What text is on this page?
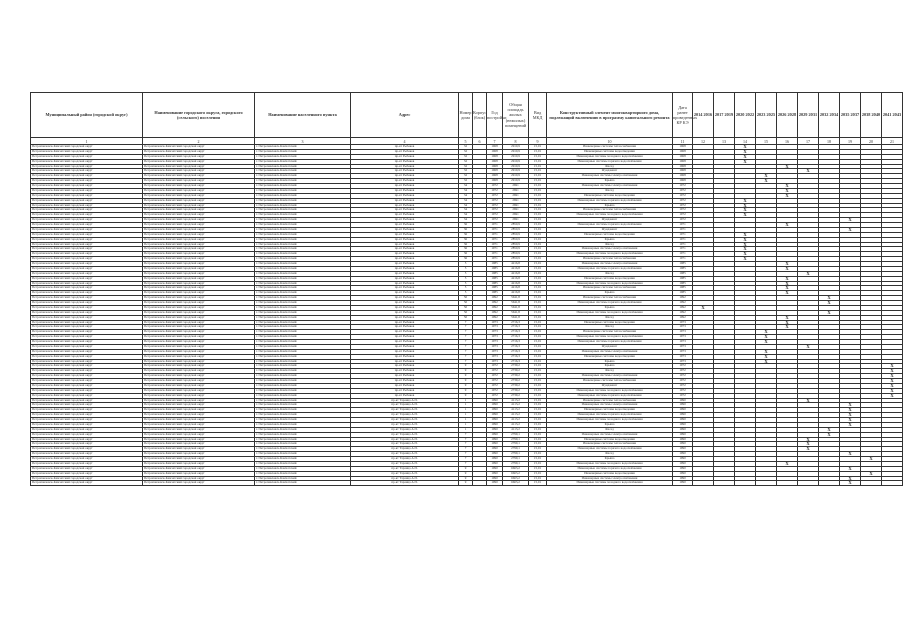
Муниципальный район (городской округ)	Наименование городского округа, городского (сельского) поселения	Наименование населенного пункта	Адрес	Номер дома	Корпус (блок)	Год постройки	Общая площадь жилых (нежилых) помещений	Вид МКД	Конструктивный элемент многоквартирного дома, подлежащий включению в программу капитального ремонта	Дата ранее проведенных КР КЭ	2014 2016	2017 2019	2020 2022	2023 2025	2026 2028	2029 2031	2032 2034	2035 2037	2038 2040	2041 2043
1	2	3	4	5	6	7	8	9	10	11	12	13	14	15	16	17	18	19	20	21
Петропавловск-Камчатский городской округ	Петропавловск-Камчатский городской округ	г. Петропавловск-Камчатский	пр-кт Рыбаков	32		1968	2910,9	15,01	Инженерные системы теплоснабжения	1968			X							
Петропавловск-Камчатский городской округ	Петропавловск-Камчатский городской округ	г. Петропавловск-Камчатский	пр-кт Рыбаков	32		1968	2910,9	15,01	Инженерные системы водоотведения	1968			X							
Петропавловск-Камчатский городской округ	Петропавловск-Камчатский городской округ	г. Петропавловск-Камчатский	пр-кт Рыбаков	32		1968	2910,9	15,01	Инженерные системы холодного водоснабжения	1968			X							
Петропавловск-Камчатский городской округ	Петропавловск-Камчатский городской округ	г. Петропавловск-Камчатский	пр-кт Рыбаков	32		1968	2910,9	15,01	Инженерные системы горячего водоснабжения	1968			X							
Петропавловск-Камчатский городской округ	Петропавловск-Камчатский городской округ	г. Петропавловск-Камчатский	пр-кт Рыбаков	32		1968	2910,9	15,01	Фасад	1968					X					
Петропавловск-Камчатский городской округ	Петропавловск-Камчатский городской округ	г. Петропавловск-Камчатский	пр-кт Рыбаков	32		1968	2910,9	15,01	Фундамент	1968						X				
Петропавловск-Камчатский городской округ	Петропавловск-Камчатский городской округ	г. Петропавловск-Камчатский	пр-кт Рыбаков	32		1968	2910,9	15,01	Инженерные системы электроснабжения	1968				X						
Петропавловск-Камчатский городской округ	Петропавловск-Камчатский городской округ	г. Петропавловск-Камчатский	пр-кт Рыбаков	32		1968	2910,9	15,01	Крыша	1968				X						
Петропавловск-Камчатский городской округ	Петропавловск-Камчатский городской округ	г. Петропавловск-Камчатский	пр-кт Рыбаков	34		1972	2691	15,01	Инженерные системы электроснабжения	1972					X					
Петропавловск-Камчатский городской округ	Петропавловск-Камчатский городской округ	г. Петропавловск-Камчатский	пр-кт Рыбаков	34		1972	2691	15,01	Фасад	1972					X					
Петропавловск-Камчатский городской округ	Петропавловск-Камчатский городской округ	г. Петропавловск-Камчатский	пр-кт Рыбаков	34		1972	2691	15,01	Инженерные системы водоотведения	1972					X					
Петропавловск-Камчатский городской округ	Петропавловск-Камчатский городской округ	г. Петропавловск-Камчатский	пр-кт Рыбаков	34		1972	2691	15,01	Инженерные системы горячего водоснабжения	1972			X							
Петропавловск-Камчатский городской округ	Петропавловск-Камчатский городской округ	г. Петропавловск-Камчатский	пр-кт Рыбаков	34		1972	2691	15,01	Крыша	1972			X							
Петропавловск-Камчатский городской округ	Петропавловск-Камчатский городской округ	г. Петропавловск-Камчатский	пр-кт Рыбаков	34		1972	2691	15,01	Инженерные системы теплоснабжения	1972			X							
Петропавловск-Камчатский городской округ	Петропавловск-Камчатский городской округ	г. Петропавловск-Камчатский	пр-кт Рыбаков	34		1972	2691	15,01	Инженерные системы холодного водоснабжения	1972			X							
Петропавловск-Камчатский городской округ	Петропавловск-Камчатский городской округ	г. Петропавловск-Камчатский	пр-кт Рыбаков	34		1972	2691	15,01	Фундамент	1972								X		
Петропавловск-Камчатский городской округ	Петропавловск-Камчатский городской округ	г. Петропавловск-Камчатский	пр-кт Рыбаков	36		1971	2850,9	15,01	Инженерные системы горячего водоснабжения	1971					X					
Петропавловск-Камчатский городской округ	Петропавловск-Камчатский городской округ	г. Петропавловск-Камчатский	пр-кт Рыбаков	36		1971	2850,9	15,01	Фундамент	1971								X		
Петропавловск-Камчатский городской округ	Петропавловск-Камчатский городской округ	г. Петропавловск-Камчатский	пр-кт Рыбаков	36		1971	2850,9	15,01	Инженерные системы водоотведения	1971			X							
Петропавловск-Камчатский городской округ	Петропавловск-Камчатский городской округ	г. Петропавловск-Камчатский	пр-кт Рыбаков	36		1971	2850,9	15,01	Крыша	1971			X							
Петропавловск-Камчатский городской округ	Петропавловск-Камчатский городской округ	г. Петропавловск-Камчатский	пр-кт Рыбаков	36		1971	2850,9	15,01	Фасад	1971			X							
Петропавловск-Камчатский городской округ	Петропавловск-Камчатский городской округ	г. Петропавловск-Камчатский	пр-кт Рыбаков	36		1971	2850,9	15,01	Инженерные системы электроснабжения	1971			X							
Петропавловск-Камчатский городской округ	Петропавловск-Камчатский городской округ	г. Петропавловск-Камчатский	пр-кт Рыбаков	36		1971	2850,9	15,01	Инженерные системы холодного водоснабжения	1971			X							
Петропавловск-Камчатский городской округ	Петропавловск-Камчатский городской округ	г. Петропавловск-Камчатский	пр-кт Рыбаков	36		1971	2850,9	15,01	Инженерные системы теплоснабжения	1971			X							
Петропавловск-Камчатский городской округ	Петропавловск-Камчатский городской округ	г. Петропавловск-Камчатский	пр-кт Рыбаков	5		1985	4216,8	15,01	Инженерные системы электроснабжения	1985					X					
Петропавловск-Камчатский городской округ	Петропавловск-Камчатский городской округ	г. Петропавловск-Камчатский	пр-кт Рыбаков	5		1985	4216,8	15,01	Инженерные системы горячего водоснабжения	1985					X					
Петропавловск-Камчатский городской округ	Петропавловск-Камчатский городской округ	г. Петропавловск-Камчатский	пр-кт Рыбаков	5		1985	4216,8	15,01	Фасад	1985						X				
Петропавловск-Камчатский городской округ	Петропавловск-Камчатский городской округ	г. Петропавловск-Камчатский	пр-кт Рыбаков	5		1985	4216,8	15,01	Инженерные системы водоотведения	1985					X					
Петропавловск-Камчатский городской округ	Петропавловск-Камчатский городской округ	г. Петропавловск-Камчатский	пр-кт Рыбаков	5		1985	4216,8	15,01	Инженерные системы холодного водоснабжения	1985					X					
Петропавловск-Камчатский городской округ	Петропавловск-Камчатский городской округ	г. Петропавловск-Камчатский	пр-кт Рыбаков	5		1985	4216,8	15,01	Инженерные системы теплоснабжения	1985					X					
Петропавловск-Камчатский городской округ	Петропавловск-Камчатский городской округ	г. Петропавловск-Камчатский	пр-кт Рыбаков	5		1985	4216,8	15,01	Крыша	1985					X					
Петропавловск-Камчатский городской округ	Петропавловск-Камчатский городской округ	г. Петропавловск-Камчатский	пр-кт Рыбаков	50		1992	5641,8	15,01	Инженерные системы теплоснабжения	1992							X			
Петропавловск-Камчатский городской округ	Петропавловск-Камчатский городской округ	г. Петропавловск-Камчатский	пр-кт Рыбаков	50		1992	5641,8	15,01	Инженерные системы горячего водоснабжения	1992							X			
Петропавловск-Камчатский городской округ	Петропавловск-Камчатский городской округ	г. Петропавловск-Камчатский	пр-кт Рыбаков	50		1992	5641,8	15,01	Крыша	1992	X									
Петропавловск-Камчатский городской округ	Петропавловск-Камчатский городской округ	г. Петропавловск-Камчатский	пр-кт Рыбаков	50		1992	5641,8	15,01	Инженерные системы холодного водоснабжения	1992							X			
Петропавловск-Камчатский городской округ	Петропавловск-Камчатский городской округ	г. Петропавловск-Камчатский	пр-кт Рыбаков	50		1992	5641,8	15,01	Фасад	1992					X					
Петропавловск-Камчатский городской округ	Петропавловск-Камчатский городской округ	г. Петропавловск-Камчатский	пр-кт Рыбаков	7		1973	2716,3	15,01	Инженерные системы водоотведения	1973					X					
Петропавловск-Камчатский городской округ	Петропавловск-Камчатский городской округ	г. Петропавловск-Камчатский	пр-кт Рыбаков	7		1973	2716,3	15,01	Фасад	1973					X					
Петропавловск-Камчатский городской округ	Петропавловск-Камчатский городской округ	г. Петропавловск-Камчатский	пр-кт Рыбаков	7		1973	2716,3	15,01	Инженерные системы теплоснабжения	1973				X						
Петропавловск-Камчатский городской округ	Петропавловск-Камчатский городской округ	г. Петропавловск-Камчатский	пр-кт Рыбаков	7		1973	2716,3	15,01	Инженерные системы холодного водоснабжения	1973				X						
Петропавловск-Камчатский городской округ	Петропавловск-Камчатский городской округ	г. Петропавловск-Камчатский	пр-кт Рыбаков	7		1973	2716,3	15,01	Инженерные системы горячего водоснабжения	1973				X						
Петропавловск-Камчатский городской округ	Петропавловск-Камчатский городской округ	г. Петропавловск-Камчатский	пр-кт Рыбаков	7		1973	2716,3	15,01	Фундамент	1973						X				
Петропавловск-Камчатский городской округ	Петропавловск-Камчатский городской округ	г. Петропавловск-Камчатский	пр-кт Рыбаков	7		1973	2716,3	15,01	Инженерные системы электроснабжения	1973				X						
Петропавловск-Камчатский городской округ	Петропавловск-Камчатский городской округ	г. Петропавловск-Камчатский	пр-кт Рыбаков	7		1973	2716,3	15,01	Инженерные системы водоотведения	1973				X						
Петропавловск-Камчатский городской округ	Петропавловск-Камчатский городской округ	г. Петропавловск-Камчатский	пр-кт Рыбаков	7		1973	2716,3	15,01	Крыша	1973				X						
Петропавловск-Камчатский городской округ	Петропавловск-Камчатский городской округ	г. Петропавловск-Камчатский	пр-кт Рыбаков	9		1972	2739,2	15,01	Крыша	1972										X
Петропавловск-Камчатский городской округ	Петропавловск-Камчатский городской округ	г. Петропавловск-Камчатский	пр-кт Рыбаков	9		1972	2739,2	15,01	Фасад	1972										X
Петропавловск-Камчатский городской округ	Петропавловск-Камчатский городской округ	г. Петропавловск-Камчатский	пр-кт Рыбаков	9		1972	2739,2	15,01	Инженерные системы электроснабжения	1972										X
Петропавловск-Камчатский городской округ	Петропавловск-Камчатский городской округ	г. Петропавловск-Камчатский	пр-кт Рыбаков	9		1972	2739,2	15,01	Инженерные системы теплоснабжения	1972										X
Петропавловск-Камчатский городской округ	Петропавловск-Камчатский городской округ	г. Петропавловск-Камчатский	пр-кт Рыбаков	9		1972	2739,2	15,01	Фундамент	1972										X
Петропавловск-Камчатский городской округ	Петропавловск-Камчатский городской округ	г. Петропавловск-Камчатский	пр-кт Рыбаков	9		1972	2739,2	15,01	Инженерные системы холодного водоснабжения	1972										X
Петропавловск-Камчатский городской округ	Петропавловск-Камчатский городской округ	г. Петропавловск-Камчатский	пр-кт Рыбаков	9		1972	2739,2	15,01	Инженерные системы горячего водоснабжения	1972										X
Петропавловск-Камчатский городской округ	Петропавловск-Камчатский городской округ	г. Петропавловск-Камчатский	пр-кт Таранца А.П.	1		1990	4113,2	15,01	Инженерные системы теплоснабжения	1990						X				
Петропавловск-Камчатский городской округ	Петропавловск-Камчатский городской округ	г. Петропавловск-Камчатский	пр-кт Таранца А.П.	1		1990	4113,2	15,01	Инженерные системы электроснабжения	1990								X		
Петропавловск-Камчатский городской округ	Петропавловск-Камчатский городской округ	г. Петропавловск-Камчатский	пр-кт Таранца А.П.	1		1990	4113,2	15,01	Инженерные системы водоотведения	1990								X		
Петропавловск-Камчатский городской округ	Петропавловск-Камчатский городской округ	г. Петропавловск-Камчатский	пр-кт Таранца А.П.	1		1990	4113,2	15,01	Инженерные системы горячего водоснабжения	1990								X		
Петропавловск-Камчатский городской округ	Петропавловск-Камчатский городской округ	г. Петропавловск-Камчатский	пр-кт Таранца А.П.	1		1990	4113,2	15,01	Инженерные системы холодного водоснабжения	1990								X		
Петропавловск-Камчатский городской округ	Петропавловск-Камчатский городской округ	г. Петропавловск-Камчатский	пр-кт Таранца А.П.	1		1990	4113,2	15,01	Крыша	1990								X		
Петропавловск-Камчатский городской округ	Петропавловск-Камчатский городской округ	г. Петропавловск-Камчатский	пр-кт Таранца А.П.	1		1990	4113,2	15,01	Фасад	1990							X			
Петропавловск-Камчатский городской округ	Петропавловск-Камчатский городской округ	г. Петропавловск-Камчатский	пр-кт Таранца А.П.	7		1990	2799,1	15,01	Инженерные системы электроснабжения	1990							X			
Петропавловск-Камчатский городской округ	Петропавловск-Камчатский городской округ	г. Петропавловск-Камчатский	пр-кт Таранца А.П.	7		1990	2799,1	15,01	Инженерные системы водоотведения	1990						X				
Петропавловск-Камчатский городской округ	Петропавловск-Камчатский городской округ	г. Петропавловск-Камчатский	пр-кт Таранца А.П.	7		1990	2799,1	15,01	Инженерные системы теплоснабжения	1990						X				
Петропавловск-Камчатский городской округ	Петропавловск-Камчатский городской округ	г. Петропавловск-Камчатский	пр-кт Таранца А.П.	7		1990	2799,1	15,01	Инженерные системы горячего водоснабжения	1990						X				
Петропавловск-Камчатский городской округ	Петропавловск-Камчатский городской округ	г. Петропавловск-Камчатский	пр-кт Таранца А.П.	7		1990	2799,1	15,01	Фасад	1990								X		
Петропавловск-Камчатский городской округ	Петропавловск-Камчатский городской округ	г. Петропавловск-Камчатский	пр-кт Таранца А.П.	7		1990	2799,1	15,01	Крыша	1990									X	
Петропавловск-Камчатский городской округ	Петропавловск-Камчатский городской округ	г. Петропавловск-Камчатский	пр-кт Таранца А.П.	7		1990	2799,1	15,01	Инженерные системы холодного водоснабжения	1990					X					
Петропавловск-Камчатский городской округ	Петропавловск-Камчатский городской округ	г. Петропавловск-Камчатский	пр-кт Таранца А.П.	9		1990	6663,2	15,01	Инженерные системы горячего водоснабжения	1990								X		
Петропавловск-Камчатский городской округ	Петропавловск-Камчатский городской округ	г. Петропавловск-Камчатский	пр-кт Таранца А.П.	9		1990	6663,2	15,01	Инженерные системы водоотведения	1990									X	
Петропавловск-Камчатский городской округ	Петропавловск-Камчатский городской округ	г. Петропавловск-Камчатский	пр-кт Таранца А.П.	9		1990	6663,2	15,01	Инженерные системы электроснабжения	1990								X		
Петропавловск-Камчатский городской округ	Петропавловск-Камчатский городской округ	г. Петропавловск-Камчатский	пр-кт Таранца А.П.	9		1990	6663,2	15,01	Инженерные системы холодного водоснабжения	1990								X		
